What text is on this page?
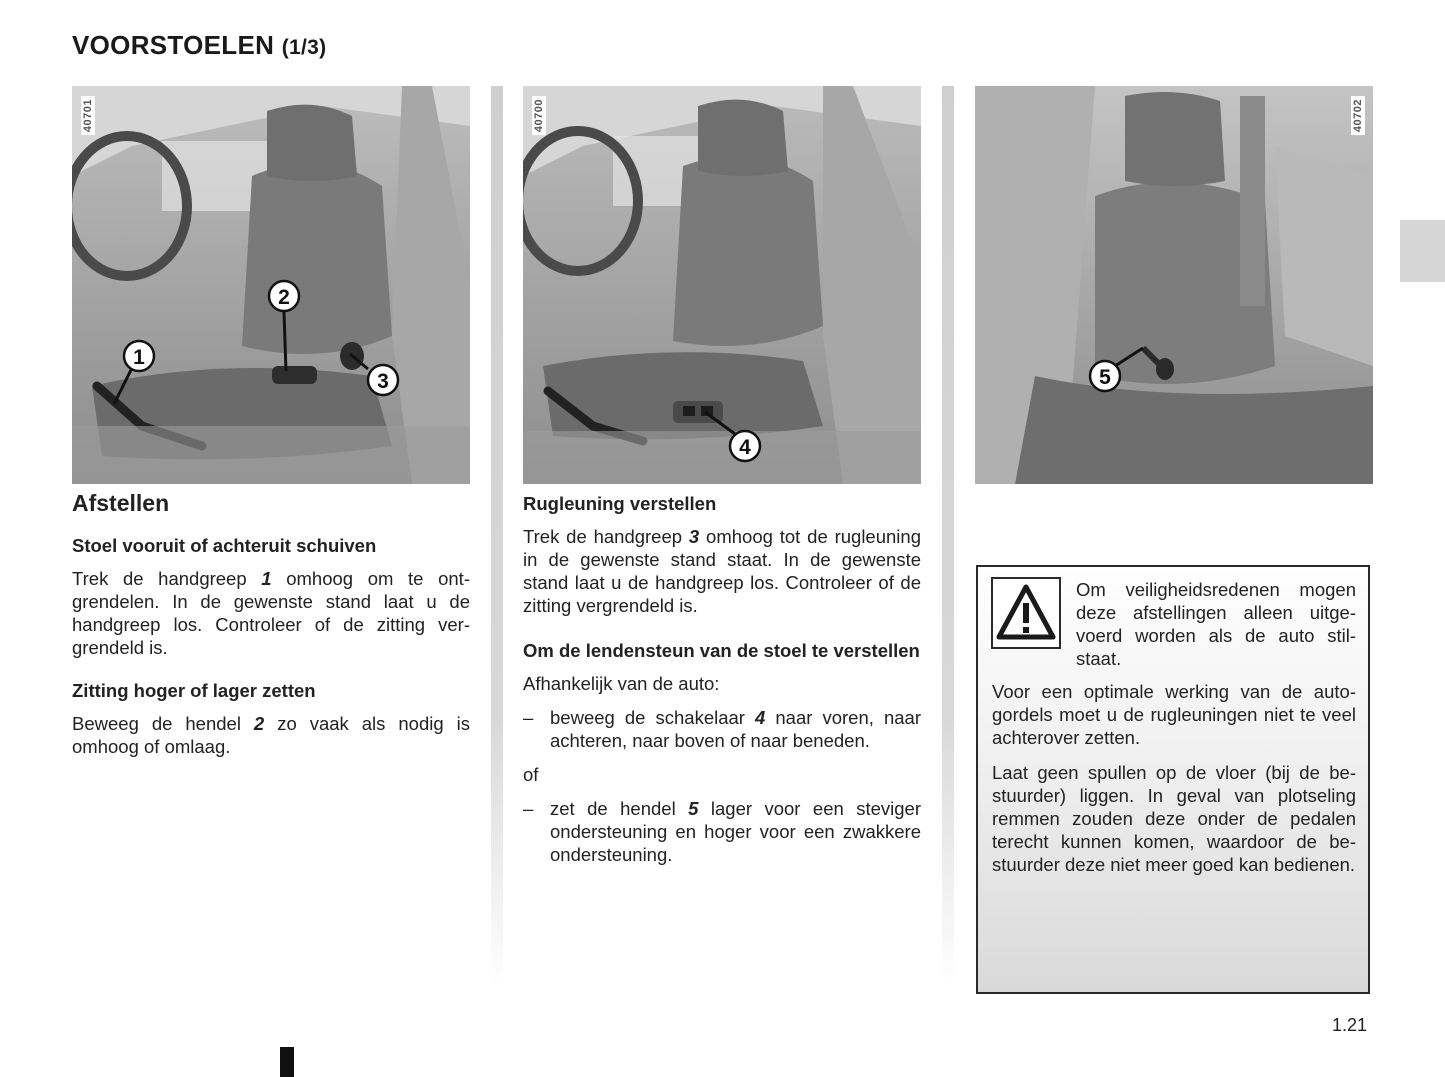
VOORSTOELEN (1/3)
1
2
3
40701
4
40700
5
40702
Afstellen
Stoel vooruit of achteruit schuiven

Trek de handgreep 1 omhoog om te ontgrendelen. In de gewenste stand laat u de handgreep los. Controleer of de zitting vergrendeld is.

Zitting hoger of lager zetten

Beweeg de hendel 2 zo vaak als nodig is omhoog of omlaag.

Rugleuning verstellen

Trek de handgreep 3 omhoog tot de rugleuning in de gewenste stand staat. In de gewenste stand laat u de handgreep los. Controleer of de zitting vergrendeld is.

Om de lendensteun van de stoel te verstellen

Afhankelijk van de auto:

– beweeg de schakelaar 4 naar voren, naar achteren, naar boven of naar beneden.

of

– zet de hendel 5 lager voor een steviger ondersteuning en hoger voor een zwakkere ondersteuning.

Om veiligheidsredenen mogen deze afstellingen alleen uitgevoerd worden als de auto stilstaat.

Voor een optimale werking van de autogordels moet u de rugleuningen niet te veel achterover zetten.

Laat geen spullen op de vloer (bij de bestuurder) liggen. In geval van plotseling remmen zouden deze onder de pedalen terecht kunnen komen, waardoor de bestuurder deze niet meer goed kan bedienen.

1.21
